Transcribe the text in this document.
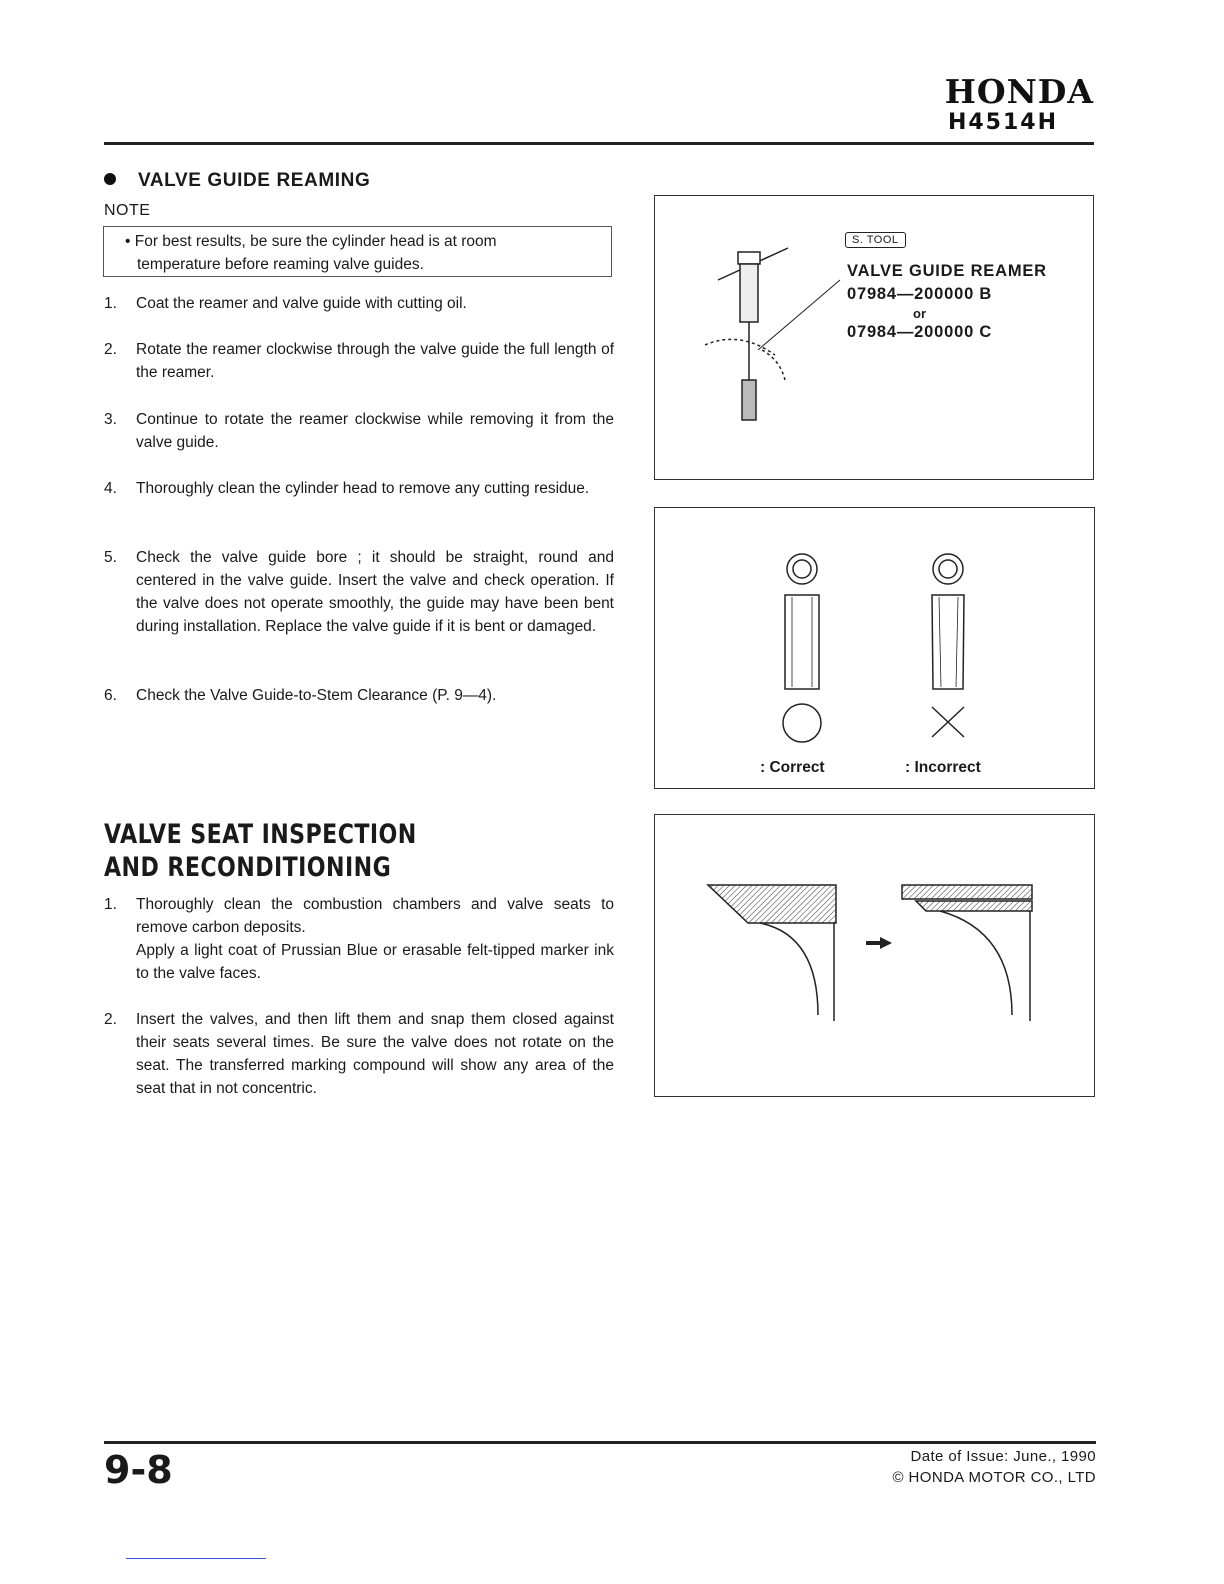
HONDA
H4514H
VALVE GUIDE REAMING
NOTE
• For best results, be sure the cylinder head is at room
temperature before reaming valve guides.
1.	Coat the reamer and valve guide with cutting oil.
2.	Rotate the reamer clockwise through the valve guide the full length of the reamer.
3.	Continue to rotate the reamer clockwise while removing it from the valve guide.
4.	Thoroughly clean the cylinder head to remove any cutting residue.
5.	Check the valve guide bore ; it should be straight, round and centered in the valve guide. Insert the valve and check operation. If the valve does not operate smoothly, the guide may have been bent during installation. Replace the valve guide if it is bent or damaged.
6.	Check the Valve Guide-to-Stem Clearance (P. 9—4).
VALVE SEAT INSPECTION
AND RECONDITIONING
1.	Thoroughly clean the combustion chambers and valve seats to remove carbon deposits.
Apply a light coat of Prussian Blue or erasable felt-tipped marker ink to the valve faces.
2.	Insert the valves, and then lift them and snap them closed against their seats several times. Be sure the valve does not rotate on the seat. The transferred marking compound will show any area of the seat that in not concentric.
S. TOOL
VALVE GUIDE REAMER
07984—200000 B
or
07984—200000 C
: Correct	: Incorrect
9-8	Date of Issue: June., 1990
© HONDA MOTOR CO., LTD
